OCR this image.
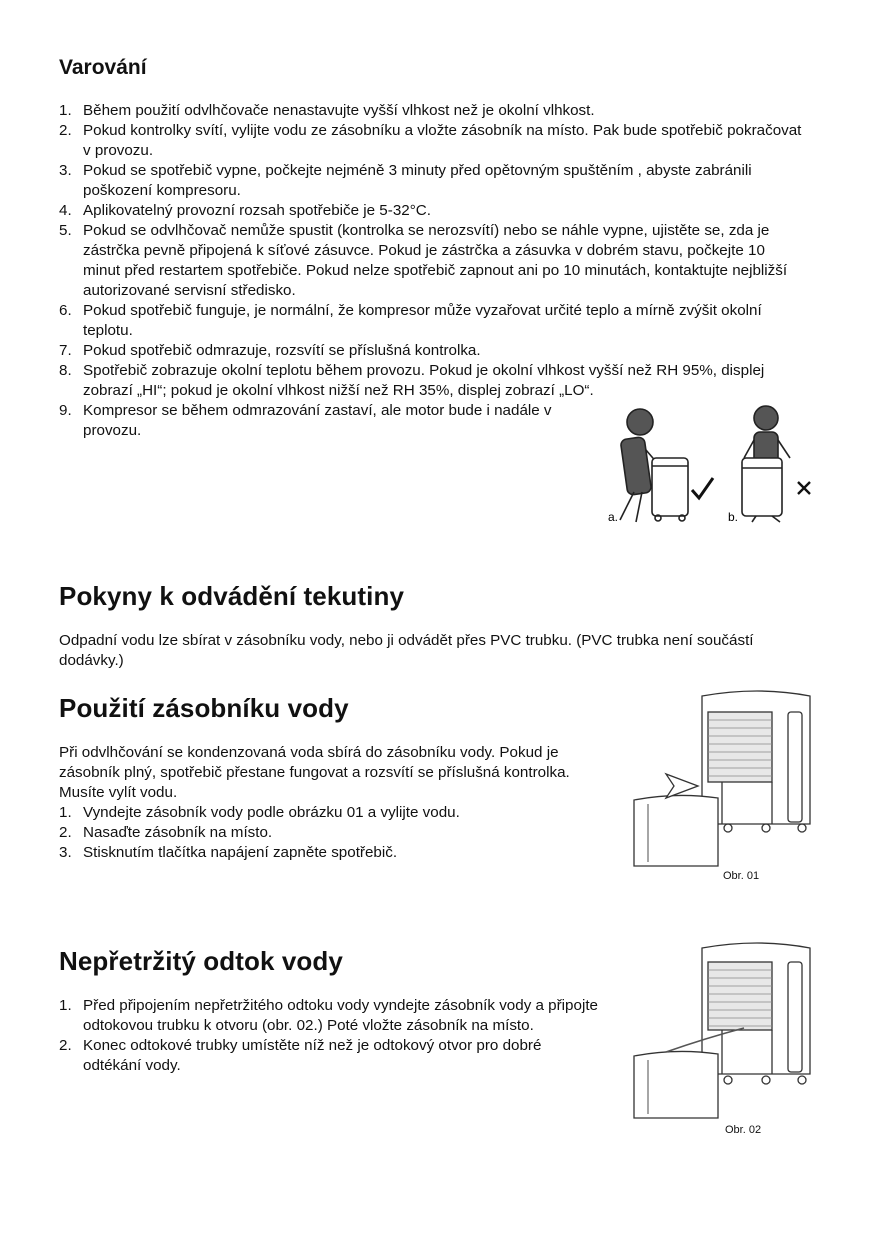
Varování
1. Během použití odvlhčovače nenastavujte vyšší vlhkost než je okolní vlhkost.
2. Pokud kontrolky svítí, vylijte vodu ze zásobníku a vložte zásobník na místo. Pak bude spotřebič pokračovat v provozu.
3. Pokud se spotřebič vypne, počkejte nejméně 3 minuty před opětovným spuštěním , abyste zabránili poškození kompresoru.
4. Aplikovatelný provozní rozsah spotřebiče je 5-32°C.
5. Pokud se odvlhčovač nemůže spustit (kontrolka se nerozsvítí) nebo se náhle vypne, ujistěte se, zda je zástrčka pevně připojená k síťové zásuvce. Pokud je zástrčka a zásuvka v dobrém stavu, počkejte 10 minut před restartem spotřebiče. Pokud nelze spotřebič zapnout ani po 10 minutách, kontaktujte nejbližší autorizované servisní středisko.
6. Pokud spotřebič funguje, je normální, že kompresor může vyzařovat určité teplo a mírně zvýšit okolní teplotu.
7. Pokud spotřebič odmrazuje, rozsvítí se příslušná kontrolka.
8. Spotřebič zobrazuje okolní teplotu během provozu. Pokud je okolní vlhkost vyšší než RH 95%, displej zobrazí „HI“; pokud je okolní vlhkost nižší než RH 35%, displej zobrazí „LO“.
9. Kompresor se během odmrazování zastaví, ale motor bude i nadále v provozu.
a.	b.
Pokyny k odvádění tekutiny

Odpadní vodu lze sbírat v zásobníku vody, nebo ji odvádět přes PVC trubku. (PVC trubka není součástí dodávky.)

Použití zásobníku vody

Při odvlhčování se kondenzovaná voda sbírá do zásobníku vody. Pokud je zásobník plný, spotřebič přestane fungovat a rozsvítí se příslušná kontrolka. Musíte vylít vodu.

1. Vyndejte zásobník vody podle obrázku 01 a vylijte vodu.
2. Nasaďte zásobník na místo.
3. Stisknutím tlačítka napájení zapněte spotřebič.
Obr. 01
Nepřetržitý odtok vody
1. Před připojením nepřetržitého odtoku vody vyndejte zásobník vody a připojte odtokovou trubku k otvoru (obr. 02.) Poté vložte zásobník na místo.
2. Konec odtokové trubky umístěte níž než je odtokový otvor pro dobré odtékání vody.
Obr. 02
